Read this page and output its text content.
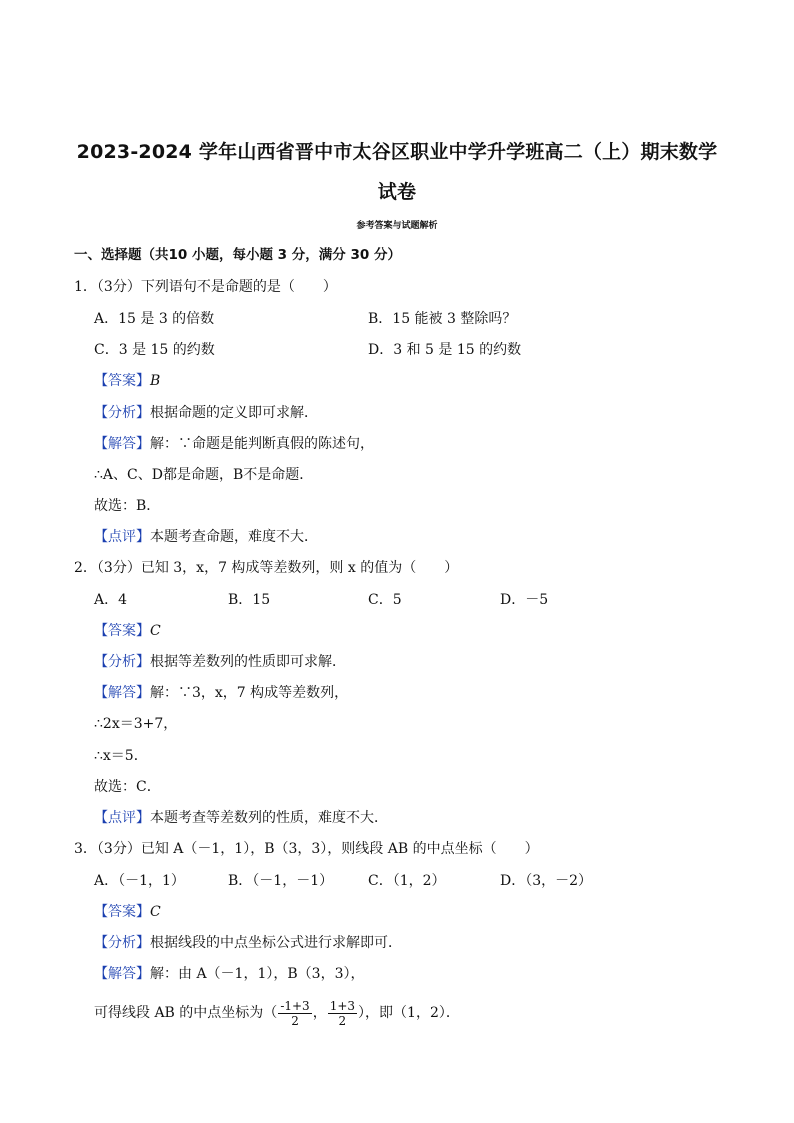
2023-2024 学年山西省晋中市太谷区职业中学升学班高二（上）期末数学
试卷
参考答案与试题解析
一、选择题（共10 小题，每小题 3 分，满分 30 分）
1．（3分）下列语句不是命题的是（　　）
A．15 是 3 的倍数	B．15 能被 3 整除吗？
C．3 是 15 的约数	D．3 和 5 是 15 的约数
【答案】B
【分析】根据命题的定义即可求解．
【解答】解：∵命题是能判断真假的陈述句，
∴A、C、D都是命题，B不是命题．
故选：B．
【点评】本题考查命题，难度不大．
2．（3分）已知 3，x，7 构成等差数列，则 x 的值为（　　）
A．4	B．15	C．5	D．－5
【答案】C
【分析】根据等差数列的性质即可求解．
【解答】解：∵3，x，7 构成等差数列，
∴2x＝3+7，
∴x＝5．
故选：C．
【点评】本题考查等差数列的性质，难度不大．
3．（3分）已知 A（－1，1），B（3，3），则线段 AB 的中点坐标（　　）
A．（－1，1）	B．（－1，－1） C．（1，2）	D．（3，－2）
【答案】C
【分析】根据线段的中点坐标公式进行求解即可．
【解答】解：由 A（－1，1），B（3，3），
可得线段 AB 的中点坐标为（ $\frac{-1+3}{2}$ ， $\frac{1+3}{2}$ ），即（1，2）．
